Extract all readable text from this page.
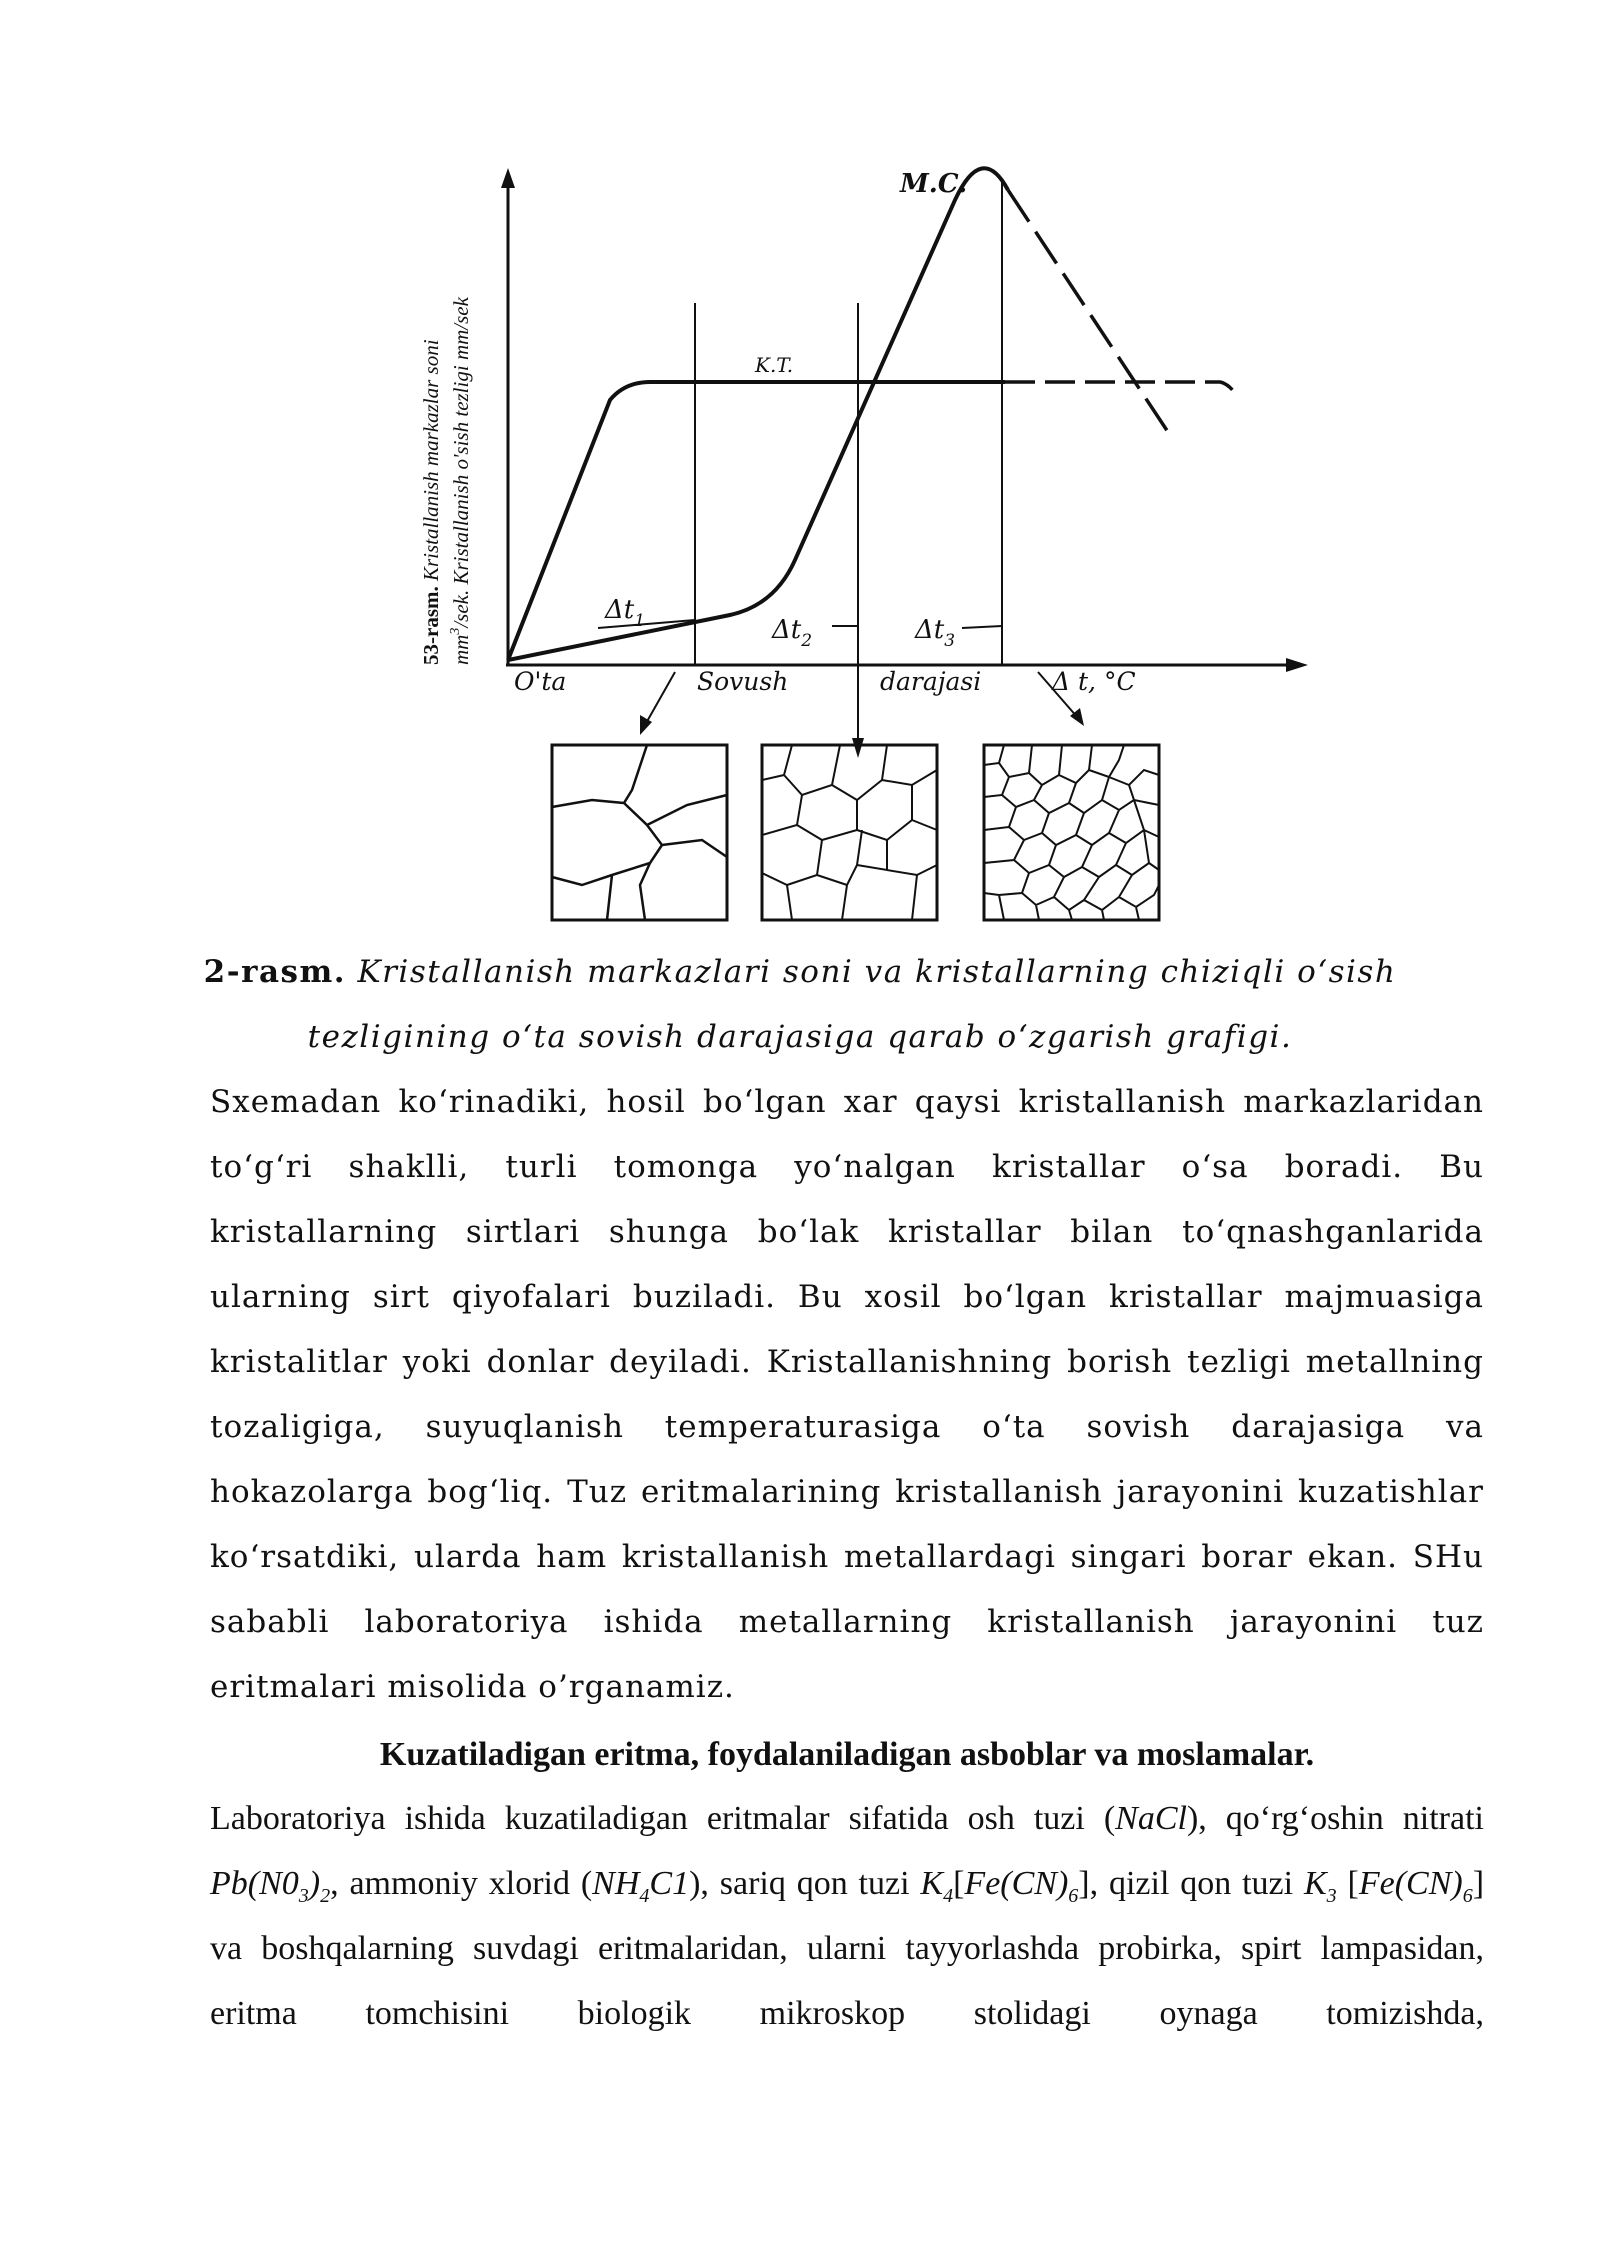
53-rasm. Kristallanish markazlar soni
$mm^3$/sek. Kristallanish o'sish tezligi mm/sek
M.C.
K.T.
$\Delta t_1$	$\Delta t_2$	$\Delta t_3$
O'ta	Sovush	darajasi	Δ t, °C
2-rasm. Kristallanish markazlari soni va kristallarning chiziqli o‘sish
tezligining o‘ta sovish darajasiga qarab o‘zgarish grafigi.

Sxemadan ko‘rinadiki, hosil bo‘lgan xar qaysi kristallanish markazlaridan to‘g‘ri shaklli, turli tomonga yo‘nalgan kristallar o‘sa boradi. Bu kristallarning sirtlari shunga bo‘lak kristallar bilan to‘qnashganlarida ularning sirt qiyofalari buziladi. Bu xosil bo‘lgan kristallar majmuasiga kristalitlar yoki donlar deyiladi. Kristallanishning borish tezligi metallning tozaligiga, suyuqlanish temperaturasiga o‘ta sovish darajasiga va hokazolarga bog‘liq. Tuz eritmalarining kristallanish jarayonini kuzatishlar ko‘rsatdiki, ularda ham kristallanish metallardagi singari borar ekan. SHu sababli laboratoriya ishida metallarning kristallanish jarayonini tuz eritmalari misolida o’rganamiz.

Kuzatiladigan eritma, foydalaniladigan asboblar va moslamalar.

Laboratoriya ishida kuzatiladigan eritmalar sifatida osh tuzi (NaCl), qo‘rg‘oshin nitrati $Pb(N0_3)_2$, ammoniy xlorid $(NH_4C1)$, sariq qon tuzi $K_4[Fe(CN)_6]$, qizil qon tuzi $K_3$ $[Fe(CN)_6]$ va boshqalarning suvdagi eritmalaridan, ularni tayyorlashda probirka, spirt lampasidan, eritma tomchisini biologik mikroskop stolidagi oynaga tomizishda,
